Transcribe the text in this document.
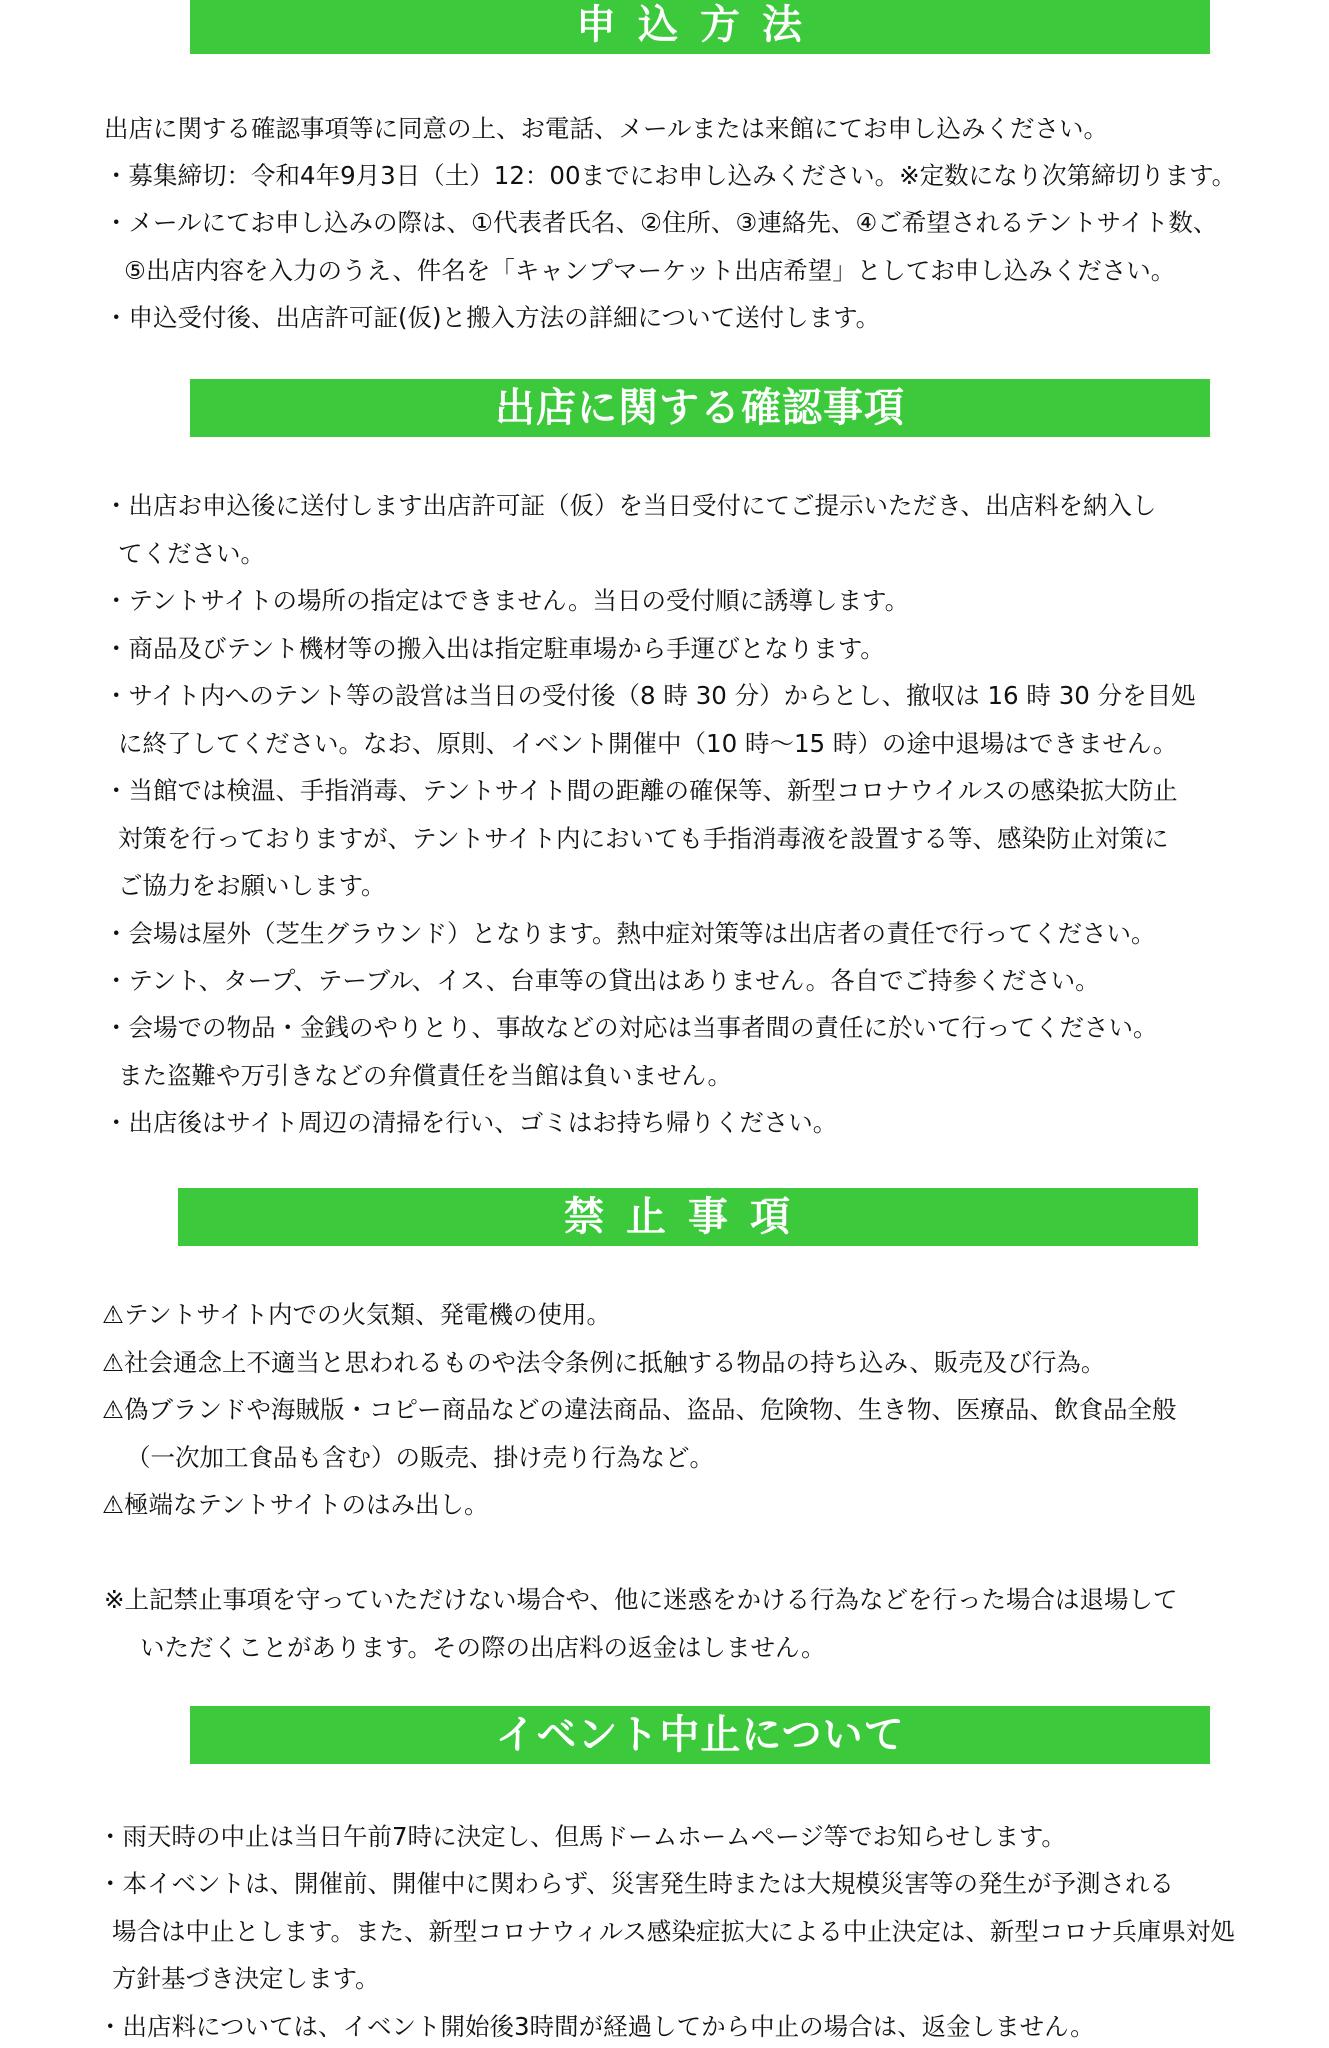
申込方法
出店に関する確認事項等に同意の上、お電話、メールまたは来館にてお申し込みください。
・募集締切：令和4年9月3日（土）12：00までにお申し込みください。※定数になり次第締切ります。
・メールにてお申し込みの際は、①代表者氏名、②住所、③連絡先、④ご希望されるテントサイト数、
⑤出店内容を入力のうえ、件名を「キャンプマーケット出店希望」としてお申し込みください。
・申込受付後、出店許可証(仮)と搬入方法の詳細について送付します。
出店に関する確認事項
・出店お申込後に送付します出店許可証（仮）を当日受付にてご提示いただき、出店料を納入し
てください。
・テントサイトの場所の指定はできません。当日の受付順に誘導します。
・商品及びテント機材等の搬入出は指定駐車場から手運びとなります。
・サイト内へのテント等の設営は当日の受付後（8 時 30 分）からとし、撤収は 16 時 30 分を目処
に終了してください。なお、原則、イベント開催中（10 時～15 時）の途中退場はできません。
・当館では検温、手指消毒、テントサイト間の距離の確保等、新型コロナウイルスの感染拡大防止
対策を行っておりますが、テントサイト内においても手指消毒液を設置する等、感染防止対策に
ご協力をお願いします。
・会場は屋外（芝生グラウンド）となります。熱中症対策等は出店者の責任で行ってください。
・テント、タープ、テーブル、イス、台車等の貸出はありません。各自でご持参ください。
・会場での物品・金銭のやりとり、事故などの対応は当事者間の責任に於いて行ってください。
また盗難や万引きなどの弁償責任を当館は負いません。
・出店後はサイト周辺の清掃を行い、ゴミはお持ち帰りください。
禁止事項
⚠テントサイト内での火気類、発電機の使用。
⚠社会通念上不適当と思われるものや法令条例に抵触する物品の持ち込み、販売及び行為。
⚠偽ブランドや海賊版・コピー商品などの違法商品、盗品、危険物、生き物、医療品、飲食品全般
（一次加工食品も含む）の販売、掛け売り行為など。
⚠極端なテントサイトのはみ出し。
※上記禁止事項を守っていただけない場合や、他に迷惑をかける行為などを行った場合は退場して
いただくことがあります。その際の出店料の返金はしません。
イベント中止について
・雨天時の中止は当日午前7時に決定し、但馬ドームホームページ等でお知らせします。
・本イベントは、開催前、開催中に関わらず、災害発生時または大規模災害等の発生が予測される
場合は中止とします。また、新型コロナウィルス感染症拡大による中止決定は、新型コロナ兵庫県対処
方針基づき決定します。
・出店料については、イベント開始後3時間が経過してから中止の場合は、返金しません。
